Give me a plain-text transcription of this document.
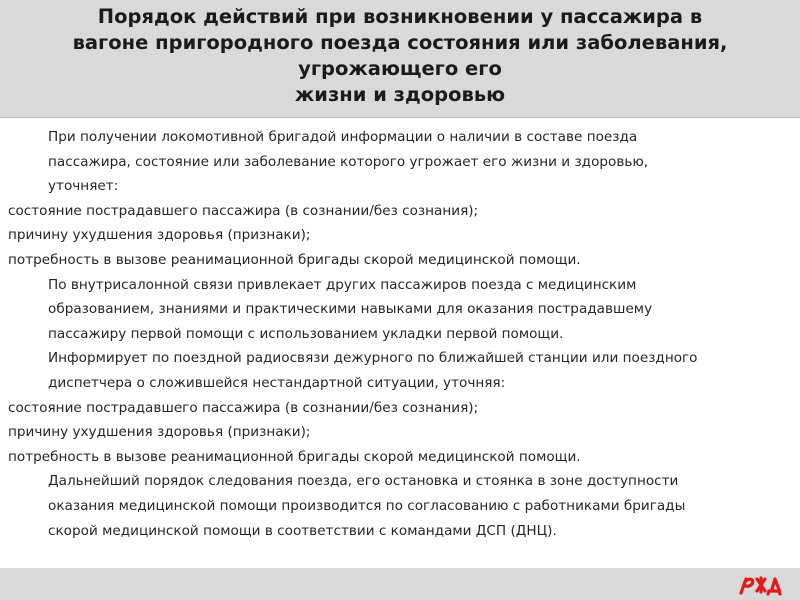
Порядок действий при возникновении у пассажира в
вагоне пригородного поезда состояния или заболевания,
угрожающего его
жизни и здоровью
При получении локомотивной бригадой информации о наличии в составе поезда
пассажира, состояние или заболевание которого угрожает его жизни и здоровью,
уточняет:
состояние пострадавшего пассажира (в сознании/без сознания);
причину ухудшения здоровья (признаки);
потребность в вызове реанимационной бригады скорой медицинской помощи.
По внутрисалонной связи привлекает других пассажиров поезда с медицинским
образованием, знаниями и практическими навыками для оказания пострадавшему
пассажиру первой помощи с использованием укладки первой помощи.
Информирует по поездной радиосвязи дежурного по ближайшей станции или поездного
диспетчера о сложившейся нестандартной ситуации, уточняя:
состояние пострадавшего пассажира (в сознании/без сознания);
причину ухудшения здоровья (признаки);
потребность в вызове реанимационной бригады скорой медицинской помощи.
Дальнейший порядок следования поезда, его остановка и стоянка в зоне доступности
оказания медицинской помощи производится по согласованию с работниками бригады
скорой медицинской помощи в соответствии с командами ДСП (ДНЦ).
